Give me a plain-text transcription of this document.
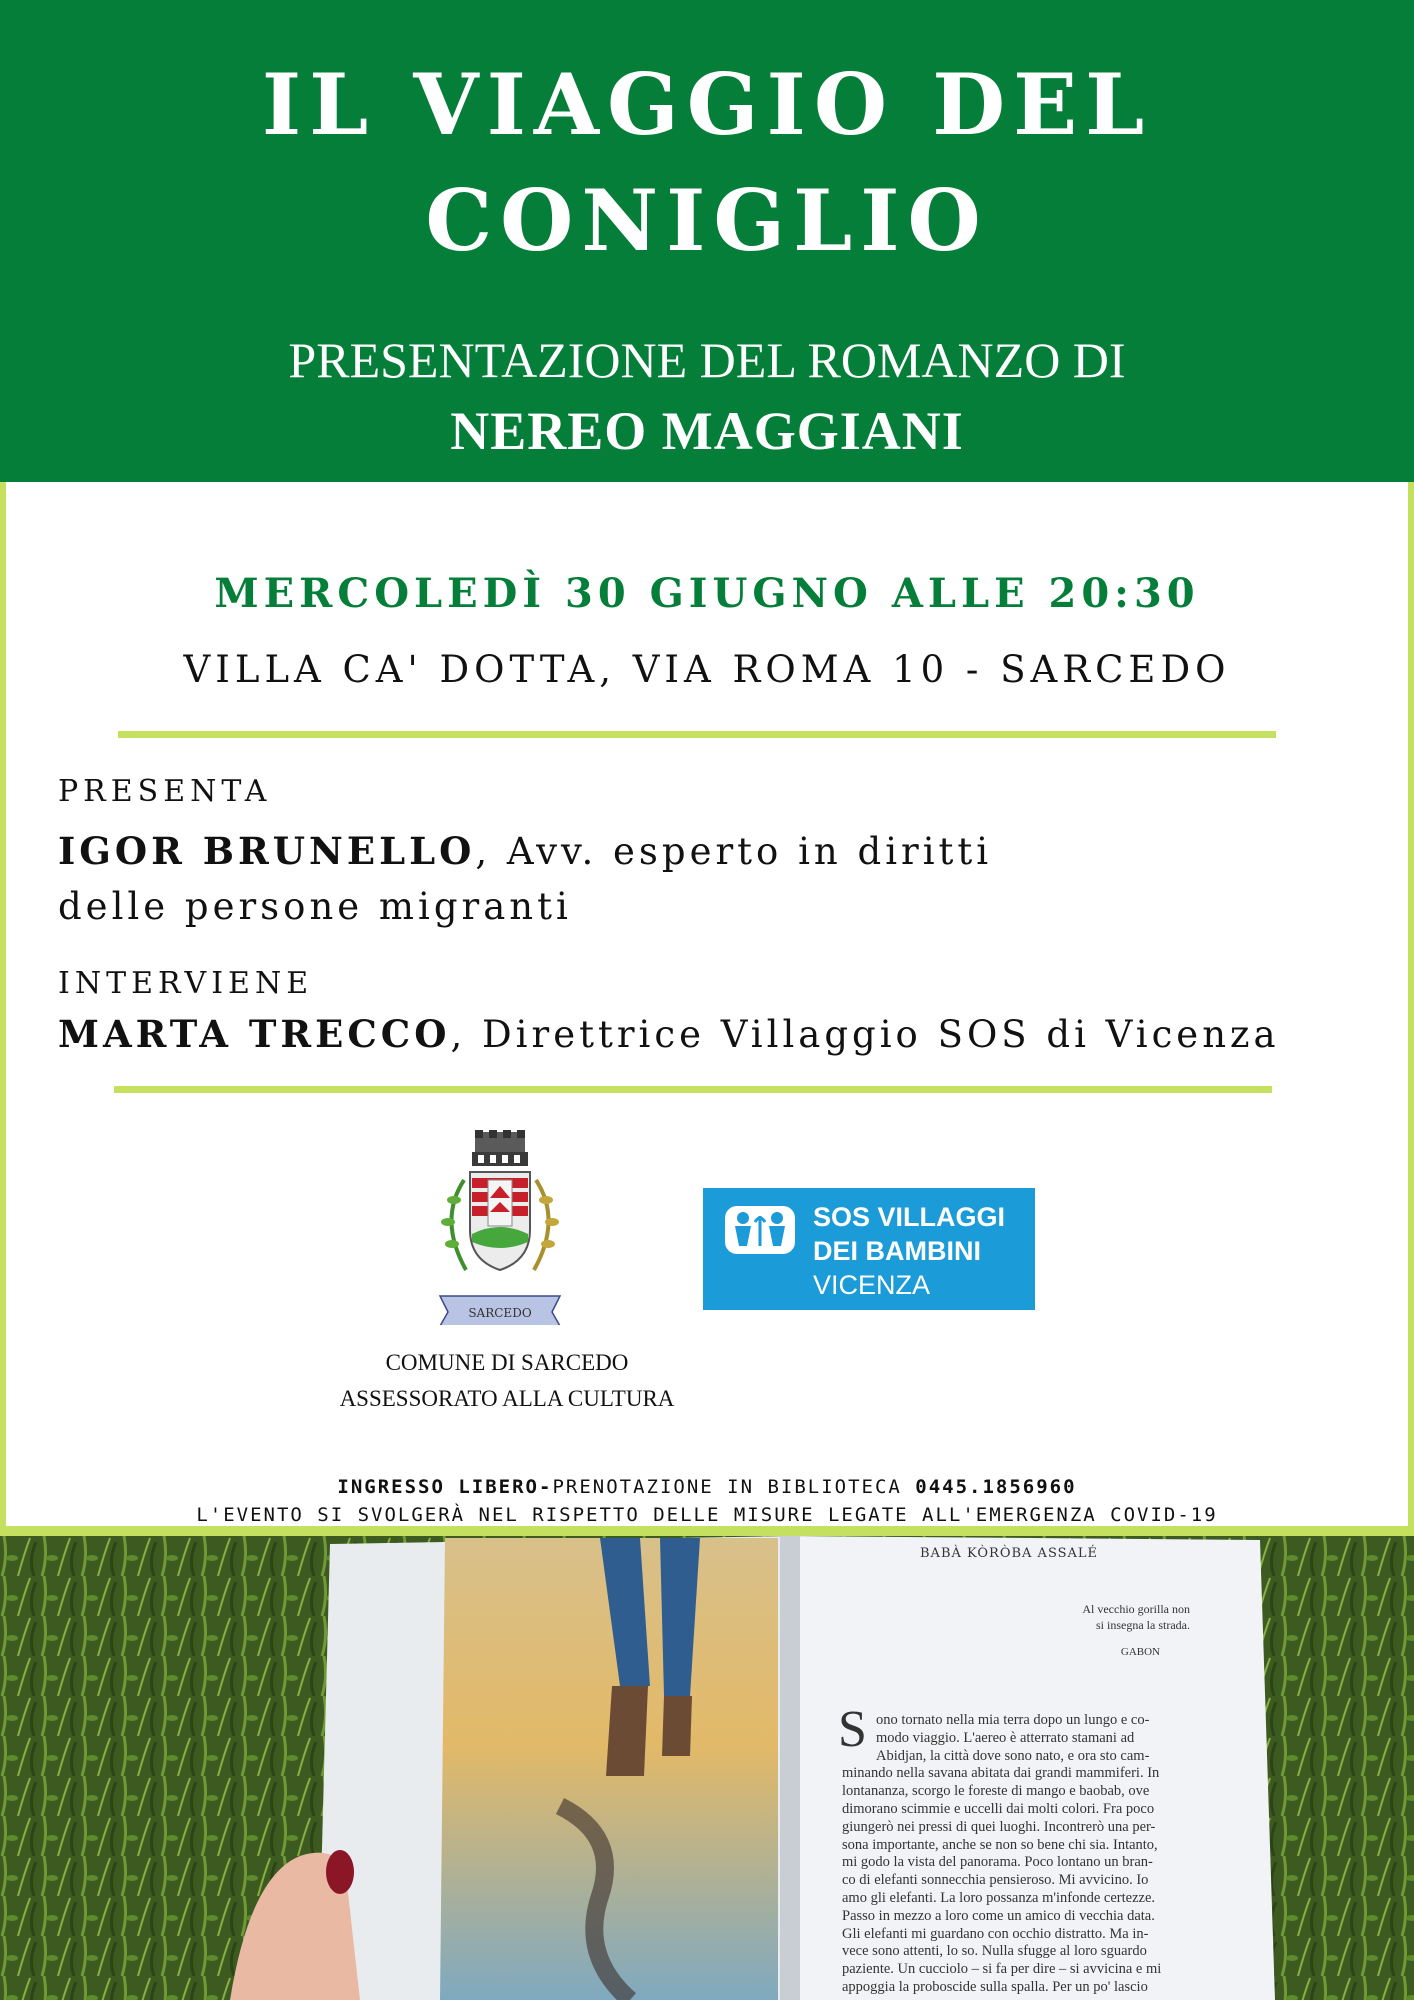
IL VIAGGIO DEL
CONIGLIO
PRESENTAZIONE DEL ROMANZO DI
NEREO MAGGIANI
MERCOLEDÌ 30 GIUGNO ALLE 20:30
VILLA CA' DOTTA, VIA ROMA 10 - SARCEDO
PRESENTA
IGOR BRUNELLO, Avv. esperto in diritti
delle persone migranti
INTERVIENE
MARTA TRECCO, Direttrice Villaggio SOS di Vicenza
SARCEDO
SOS VILLAGGI
DEI BAMBINI
VICENZA
COMUNE DI SARCEDO
ASSESSORATO ALLA CULTURA
INGRESSO LIBERO-PRENOTAZIONE IN BIBLIOTECA 0445.1856960
L'EVENTO SI SVOLGERÀ NEL RISPETTO DELLE MISURE LEGATE ALL'EMERGENZA COVID-19
BABÀ KÒRÒBA ASSALÉ
Al vecchio gorilla non
si insegna la strada.
GABON
S ono tornato nella mia terra dopo un lungo e co-
modo viaggio. L'aereo è atterrato stamani ad
Abidjan, la città dove sono nato, e ora sto cam-
minando nella savana abitata dai grandi mammiferi. In
lontananza, scorgo le foreste di mango e baobab, ove
dimorano scimmie e uccelli dai molti colori. Fra poco
giungerò nei pressi di quei luoghi. Incontrerò una per-
sona importante, anche se non so bene chi sia. Intanto,
mi godo la vista del panorama. Poco lontano un bran-
co di elefanti sonnecchia pensieroso. Mi avvicino. Io
amo gli elefanti. La loro possanza m'infonde certezze.
Passo in mezzo a loro come un amico di vecchia data.
Gli elefanti mi guardano con occhio distratto. Ma in-
vece sono attenti, lo so. Nulla sfugge al loro sguardo
paziente. Un cucciolo – si fa per dire – si avvicina e mi
appoggia la proboscide sulla spalla. Per un po' lascio
